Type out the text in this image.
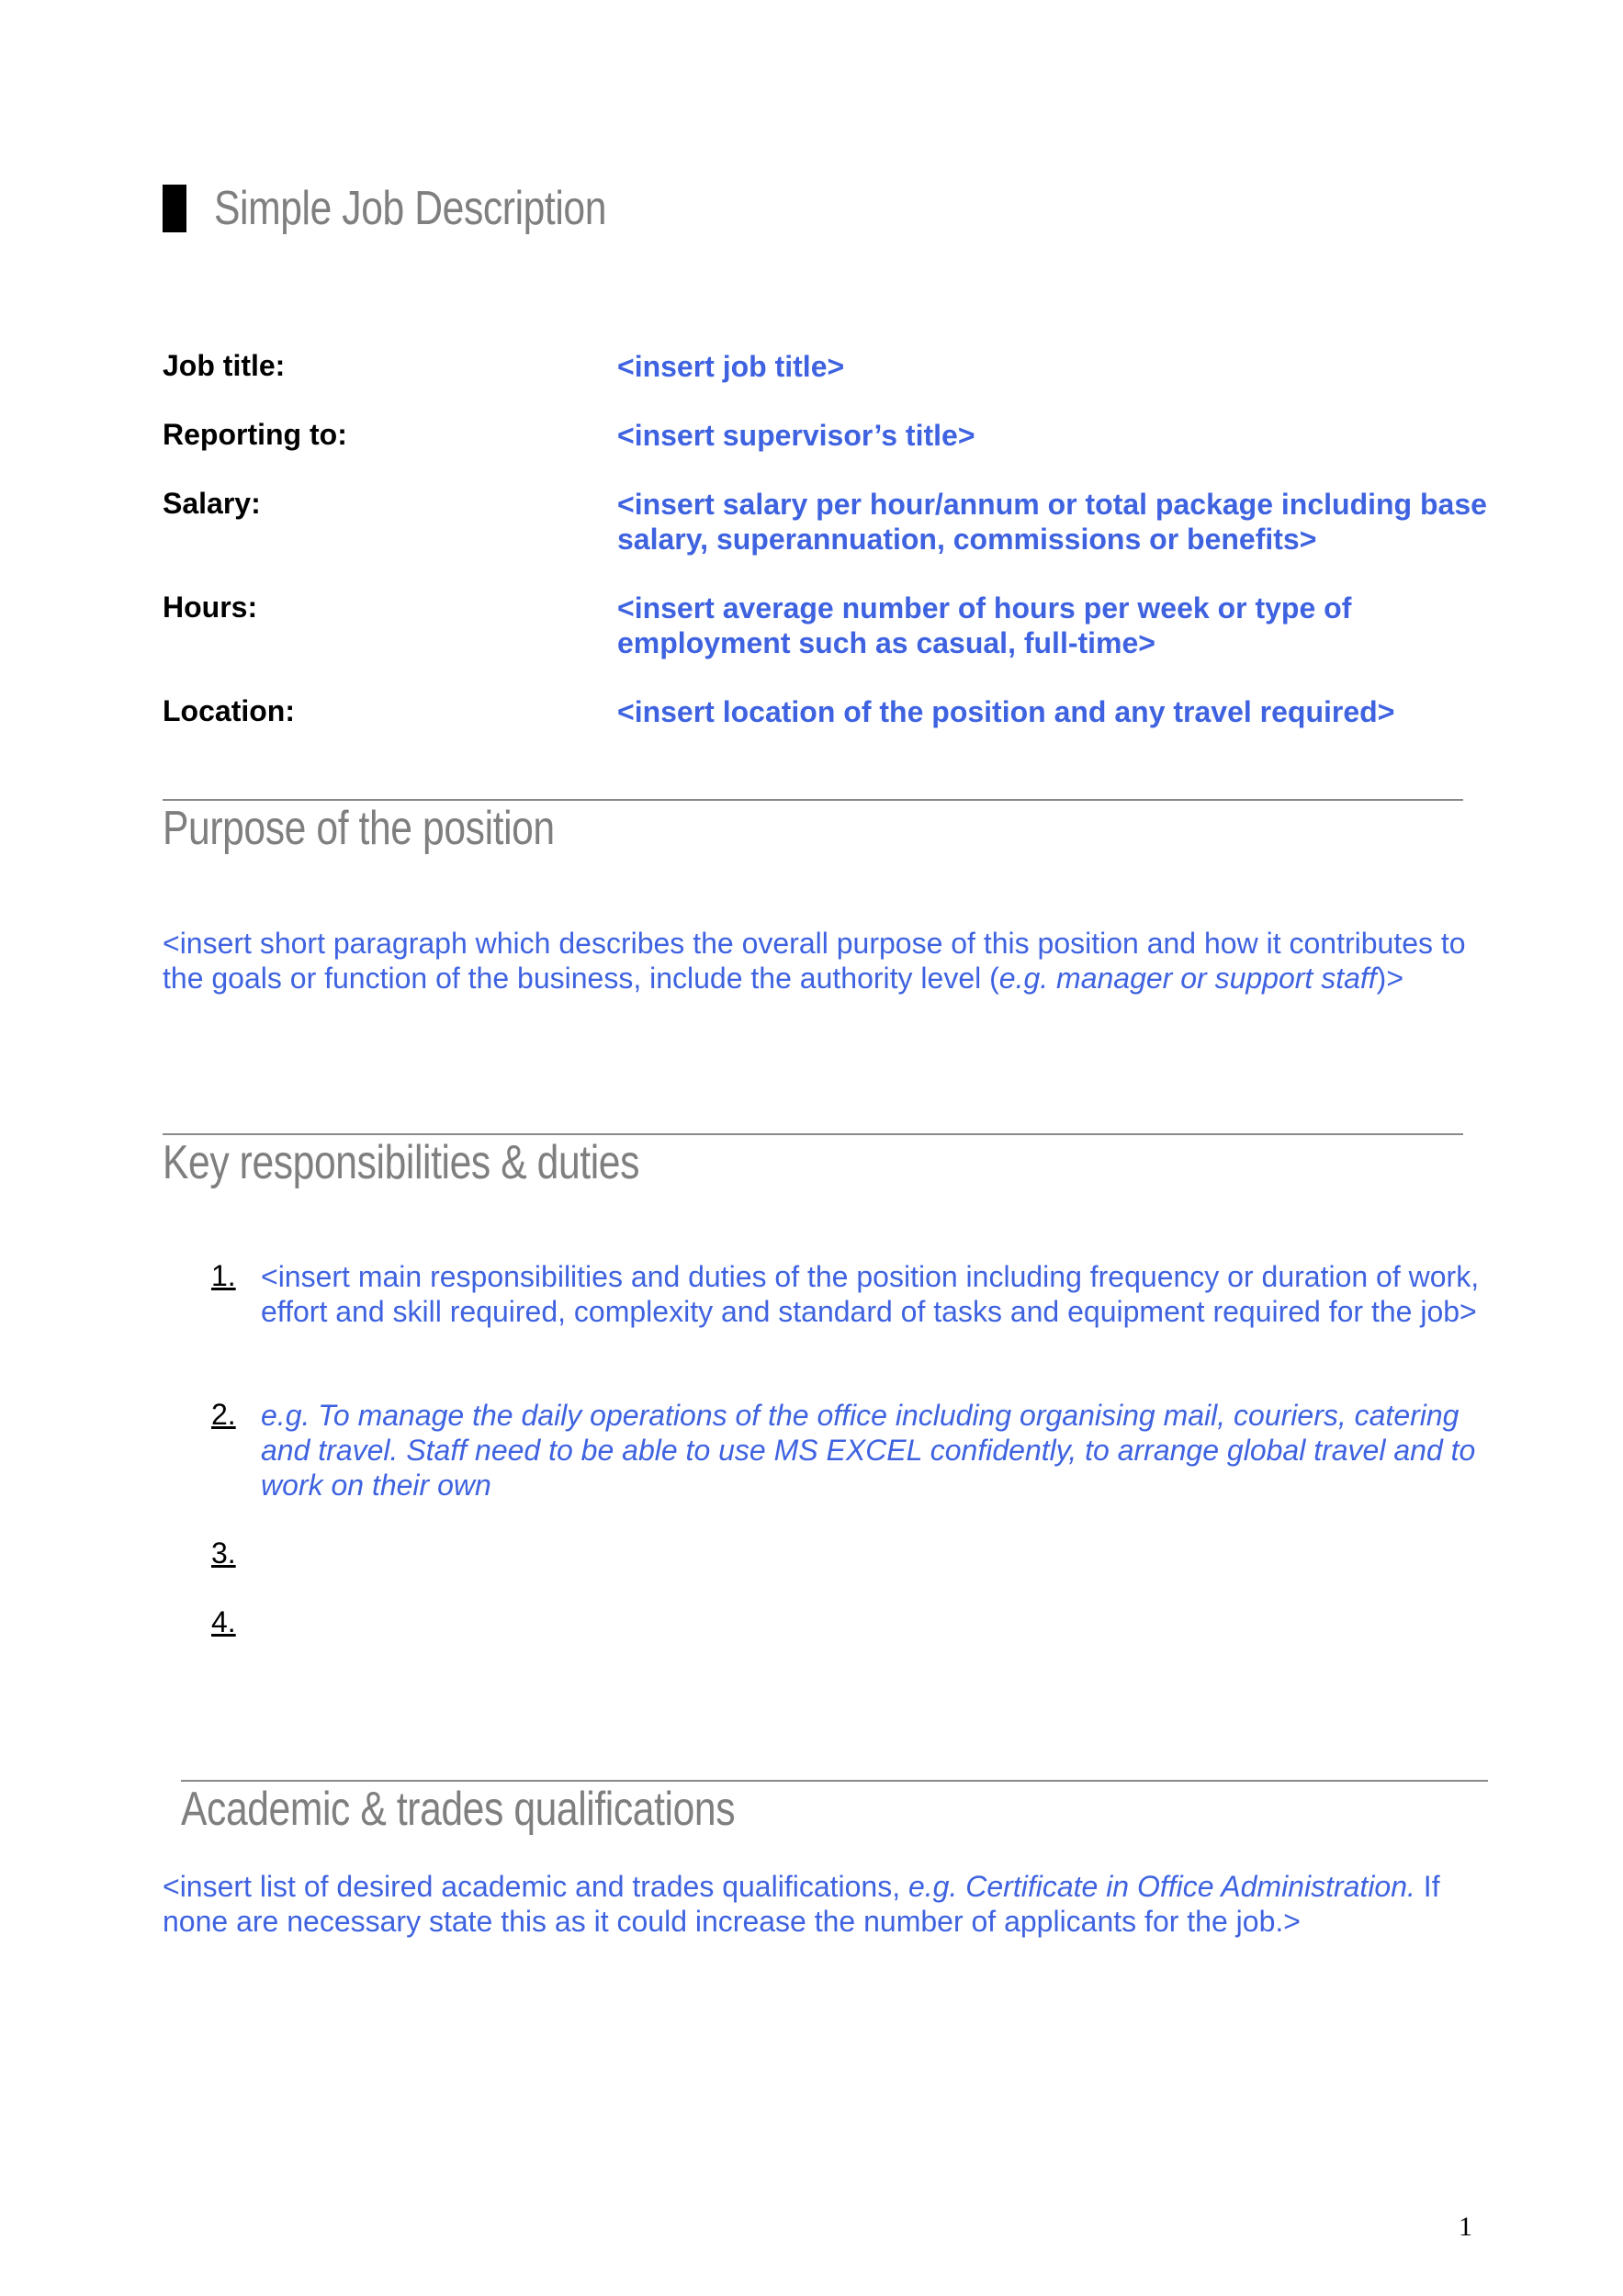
Simple Job Description
Job title:	<insert job title>
Reporting to:	<insert supervisor’s title>
Salary:	<insert salary per hour/annum or total package including base salary, superannuation, commissions or benefits>
Hours:	<insert average number of hours per week or type of employment such as casual, full-time>
Location:	<insert location of the position and any travel required>
Purpose of the position
<insert short paragraph which describes the overall purpose of this position and how it contributes to the goals or function of the business, include the authority level (e.g. manager or support staff)>
Key responsibilities & duties
1. <insert main responsibilities and duties of the position including frequency or duration of work, effort and skill required, complexity and standard of tasks and equipment required for the job>
2. e.g. To manage the daily operations of the office including organising mail, couriers, catering and travel. Staff need to be able to use MS EXCEL confidently, to arrange global travel and to work on their own
3.
4.
Academic & trades qualifications
<insert list of desired academic and trades qualifications, e.g. Certificate in Office Administration. If none are necessary state this as it could increase the number of applicants for the job.>
1
